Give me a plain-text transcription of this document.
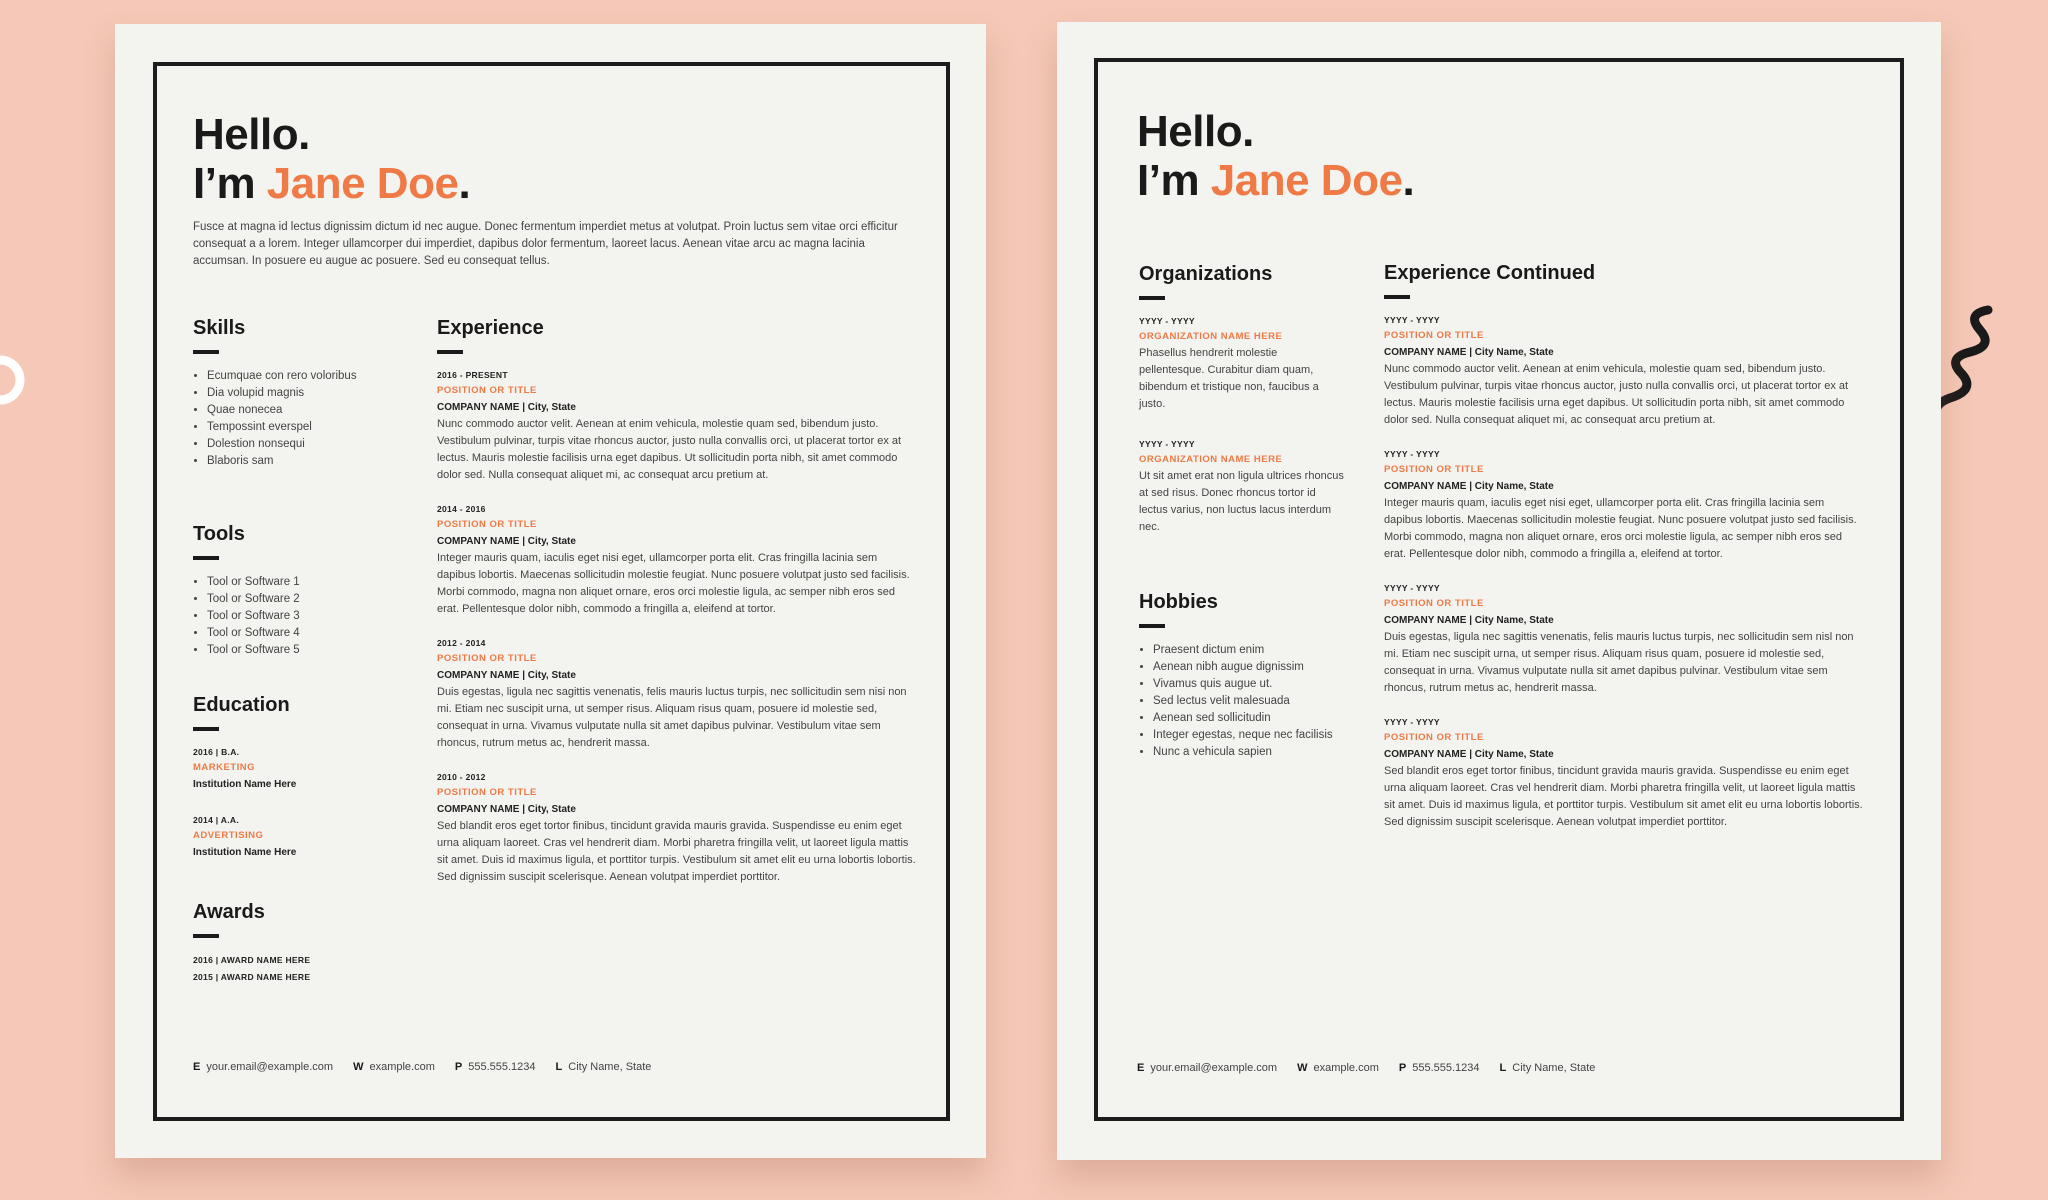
Hello.
I’m Jane Doe.
Fusce at magna id lectus dignissim dictum id nec augue. Donec fermentum imperdiet metus at volutpat. Proin luctus sem vitae orci efficitur consequat a a lorem. Integer ullamcorper dui imperdiet, dapibus dolor fermentum, laoreet lacus. Aenean vitae arcu ac magna lacinia accumsan. In posuere eu augue ac posuere. Sed eu consequat tellus.
Skills
• Ecumquae con rero voloribus
• Dia volupid magnis
• Quae nonecea
• Tempossint everspel
• Dolestion nonsequi
• Blaboris sam
Tools
• Tool or Software 1
• Tool or Software 2
• Tool or Software 3
• Tool or Software 4
• Tool or Software 5
Education
2016 | B.A.
MARKETING
Institution Name Here
2014 | A.A.
ADVERTISING
Institution Name Here
Awards
2016 | AWARD NAME HERE
2015 | AWARD NAME HERE
Experience
2016 - PRESENT
POSITION OR TITLE
COMPANY NAME | City, State
Nunc commodo auctor velit. Aenean at enim vehicula, molestie quam sed, bibendum justo. Vestibulum pulvinar, turpis vitae rhoncus auctor, justo nulla convallis orci, ut placerat tortor ex at lectus. Mauris molestie facilisis urna eget dapibus. Ut sollicitudin porta nibh, sit amet commodo dolor sed. Nulla consequat aliquet mi, ac consequat arcu pretium at.
2014 - 2016
POSITION OR TITLE
COMPANY NAME | City, State
Integer mauris quam, iaculis eget nisi eget, ullamcorper porta elit. Cras fringilla lacinia sem dapibus lobortis. Maecenas sollicitudin molestie feugiat. Nunc posuere volutpat justo sed facilisis. Morbi commodo, magna non aliquet ornare, eros orci molestie ligula, ac semper nibh eros sed erat. Pellentesque dolor nibh, commodo a fringilla a, eleifend at tortor.
2012 - 2014
POSITION OR TITLE
COMPANY NAME | City, State
Duis egestas, ligula nec sagittis venenatis, felis mauris luctus turpis, nec sollicitudin sem nisi non mi. Etiam nec suscipit urna, ut semper risus. Aliquam risus quam, posuere id molestie sed, consequat in urna. Vivamus vulputate nulla sit amet dapibus pulvinar. Vestibulum vitae sem rhoncus, rutrum metus ac, hendrerit massa.
2010 - 2012
POSITION OR TITLE
COMPANY NAME | City, State
Sed blandit eros eget tortor finibus, tincidunt gravida mauris gravida. Suspendisse eu enim eget urna aliquam laoreet. Cras vel hendrerit diam. Morbi pharetra fringilla velit, ut laoreet ligula mattis sit amet. Duis id maximus ligula, et porttitor turpis. Vestibulum sit amet elit eu urna lobortis lobortis. Sed dignissim suscipit scelerisque. Aenean volutpat imperdiet porttitor.
E your.email@example.com W example.com P 555.555.1234 L City Name, State
Hello.
I’m Jane Doe.
Organizations
YYYY - YYYY
ORGANIZATION NAME HERE
Phasellus hendrerit molestie pellentesque. Curabitur diam quam, bibendum et tristique non, faucibus a justo.
YYYY - YYYY
ORGANIZATION NAME HERE
Ut sit amet erat non ligula ultrices rhoncus at sed risus. Donec rhoncus tortor id lectus varius, non luctus lacus interdum nec.
Hobbies
• Praesent dictum enim
• Aenean nibh augue dignissim
• Vivamus quis augue ut.
• Sed lectus velit malesuada
• Aenean sed sollicitudin
• Integer egestas, neque nec facilisis
• Nunc a vehicula sapien
Experience Continued
YYYY - YYYY
POSITION OR TITLE
COMPANY NAME | City Name, State
Nunc commodo auctor velit. Aenean at enim vehicula, molestie quam sed, bibendum justo. Vestibulum pulvinar, turpis vitae rhoncus auctor, justo nulla convallis orci, ut placerat tortor ex at lectus. Mauris molestie facilisis urna eget dapibus. Ut sollicitudin porta nibh, sit amet commodo dolor sed. Nulla consequat aliquet mi, ac consequat arcu pretium at.
YYYY - YYYY
POSITION OR TITLE
COMPANY NAME | City Name, State
Integer mauris quam, iaculis eget nisi eget, ullamcorper porta elit. Cras fringilla lacinia sem dapibus lobortis. Maecenas sollicitudin molestie feugiat. Nunc posuere volutpat justo sed facilisis. Morbi commodo, magna non aliquet ornare, eros orci molestie ligula, ac semper nibh eros sed erat. Pellentesque dolor nibh, commodo a fringilla a, eleifend at tortor.
YYYY - YYYY
POSITION OR TITLE
COMPANY NAME | City Name, State
Duis egestas, ligula nec sagittis venenatis, felis mauris luctus turpis, nec sollicitudin sem nisl non mi. Etiam nec suscipit urna, ut semper risus. Aliquam risus quam, posuere id molestie sed, consequat in urna. Vivamus vulputate nulla sit amet dapibus pulvinar. Vestibulum vitae sem rhoncus, rutrum metus ac, hendrerit massa.
YYYY - YYYY
POSITION OR TITLE
COMPANY NAME | City Name, State
Sed blandit eros eget tortor finibus, tincidunt gravida mauris gravida. Suspendisse eu enim eget urna aliquam laoreet. Cras vel hendrerit diam. Morbi pharetra fringilla velit, ut laoreet ligula mattis sit amet. Duis id maximus ligula, et porttitor turpis. Vestibulum sit amet elit eu urna lobortis lobortis. Sed dignissim suscipit scelerisque. Aenean volutpat imperdiet porttitor.
E your.email@example.com W example.com P 555.555.1234 L City Name, State
